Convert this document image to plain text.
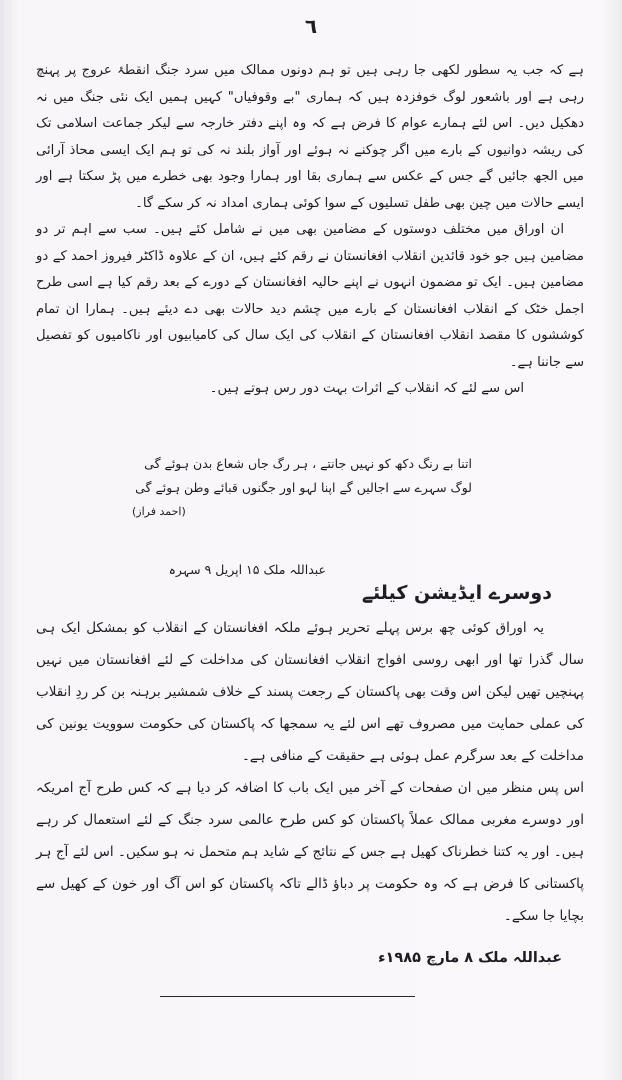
٦

ہے کہ جب یہ سطور لکھی جا رہی ہیں تو ہم دونوں ممالک میں سرد جنگ انقطۂ عروج پر پہنچ رہی ہے اور باشعور لوگ خوفزدہ ہیں کہ ہماری "بے وقوفیاں" کہیں ہمیں ایک نئی جنگ میں نہ دھکیل دیں۔ اس لئے ہمارے عوام کا فرض ہے کہ وہ اپنے دفتر خارجہ سے لیکر جماعت اسلامی تک کی ریشہ دوانیوں کے بارے میں اگر چوکنے نہ ہوئے اور آواز بلند نہ کی تو ہم ایک ایسی محاذ آرائی میں الجھ جائیں گے جس کے عکس سے ہماری بقا اور ہمارا وجود بھی خطرے میں پڑ سکتا ہے اور ایسے حالات میں چین بھی طفل تسلیوں کے سوا کوئی ہماری امداد نہ کر سکے گا۔

ان اوراق میں مختلف دوستوں کے مضامین بھی میں نے شامل کئے ہیں۔ سب سے اہم تر دو مضامین ہیں جو خود قائدین انقلاب افغانستان نے رقم کئے ہیں، ان کے علاوہ ڈاکٹر فیروز احمد کے دو مضامین ہیں۔ ایک تو مضمون انہوں نے اپنے حالیہ افغانستان کے دورے کے بعد رقم کیا ہے اسی طرح اجمل خٹک کے انقلاب افغانستان کے بارے میں چشم دید حالات بھی دے دیئے ہیں۔ ہمارا ان تمام کوششوں کا مقصد انقلاب افغانستان کے انقلاب کی ایک سال کی کامیابیوں اور ناکامیوں کو تفصیل سے جاننا ہے۔

اس سے لئے کہ انقلاب کے اثرات بہت دور رس ہوتے ہیں۔

اتنا بے رنگ دکھ کو نہیں جانتے ، ہر رگ جاں شعاع بدن ہوئے گی

لوگ سہرے سے اجالیں گے اپنا لہو اور جگنوں قبائے وطن ہوئے گی

(احمد فراز)

عبداللہ ملک ۱۵ اپریل ۹ سہرہ
دوسرے ایڈیشن کیلئے

یہ اوراق کوئی چھ برس پہلے تحریر ہوئے ملکہ افغانستان کے انقلاب کو بمشکل ایک ہی سال گذرا تھا اور ابھی روسی افواج انقلاب افغانستان کی مداخلت کے لئے افغانستان میں نہیں پہنچیں تھیں لیکن اس وقت بھی پاکستان کے رجعت پسند کے خلاف شمشیر برہنہ بن کر ردِ انقلاب کی عملی حمایت میں مصروف تھے اس لئے یہ سمجھا کہ پاکستان کی حکومت سوویت یونین کی مداخلت کے بعد سرگرم عمل ہوئی ہے حقیقت کے منافی ہے۔

اس پس منظر میں ان صفحات کے آخر میں ایک باب کا اضافہ کر دیا ہے کہ کس طرح آج امریکہ اور دوسرے مغربی ممالک عملاً پاکستان کو کس طرح عالمی سرد جنگ کے لئے استعمال کر رہے ہیں۔ اور یہ کتنا خطرناک کھیل ہے جس کے نتائج کے شاید ہم متحمل نہ ہو سکیں۔ اس لئے آج ہر پاکستانی کا فرض ہے کہ وہ حکومت پر دباؤ ڈالے تاکہ پاکستان کو اس آگ اور خون کے کھیل سے بچایا جا سکے۔

عبداللہ ملک ۸ مارچ ۱۹۸۵ء
